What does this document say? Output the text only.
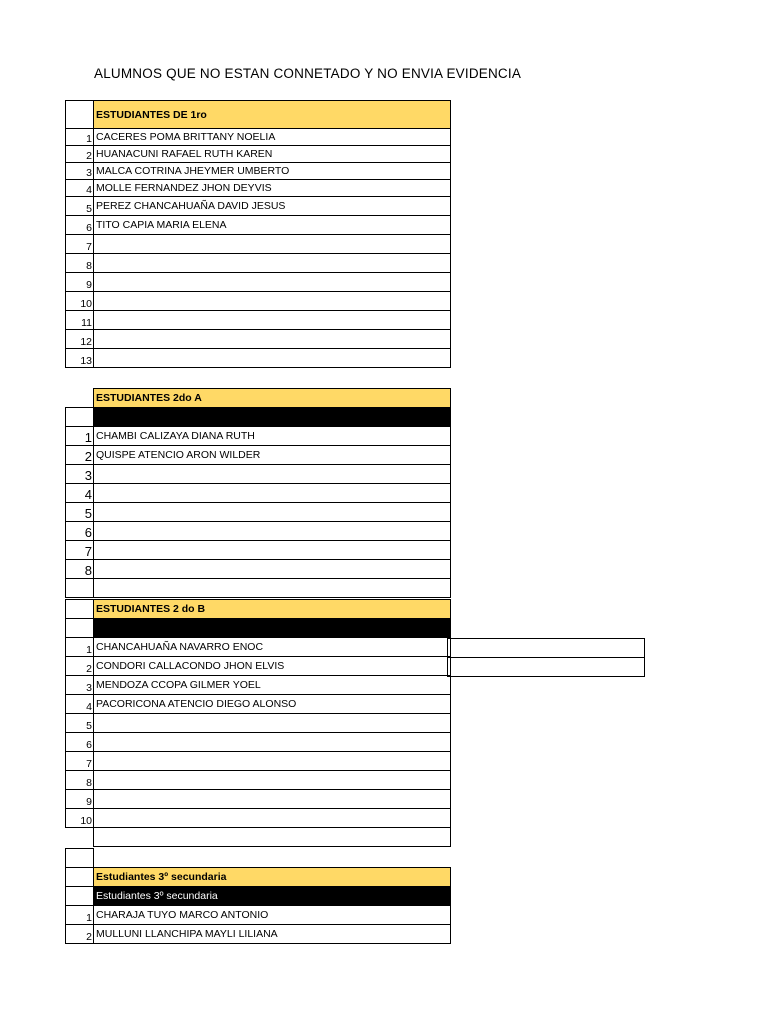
ALUMNOS QUE NO ESTAN CONNETADO Y NO ENVIA EVIDENCIA
	ESTUDIANTES DE 1ro
1	CACERES POMA BRITTANY NOELIA
2	HUANACUNI RAFAEL RUTH KAREN
3	MALCA COTRINA JHEYMER UMBERTO
4	MOLLE FERNANDEZ JHON DEYVIS
5	PEREZ CHANCAHUAÑA DAVID JESUS
6	TITO CAPIA MARIA ELENA
7	
8	
9	
10	
11	
12	
13	
	ESTUDIANTES 2do A

1	CHAMBI CALIZAYA DIANA RUTH
2	QUISPE ATENCIO ARON WILDER
3	
4	
5	
6	
7	
8	

	ESTUDIANTES 2 do B

1	CHANCAHUAÑA NAVARRO ENOC
2	CONDORI CALLACONDO JHON ELVIS
3	MENDOZA CCOPA GILMER YOEL
4	PACORICONA ATENCIO DIEGO ALONSO
5	
6	
7	
8	
9	
10	

	Estudiantes 3º secundaria
	Estudiantes 3º secundaria
1	CHARAJA TUYO MARCO ANTONIO
2	MULLUNI LLANCHIPA MAYLI LILIANA
